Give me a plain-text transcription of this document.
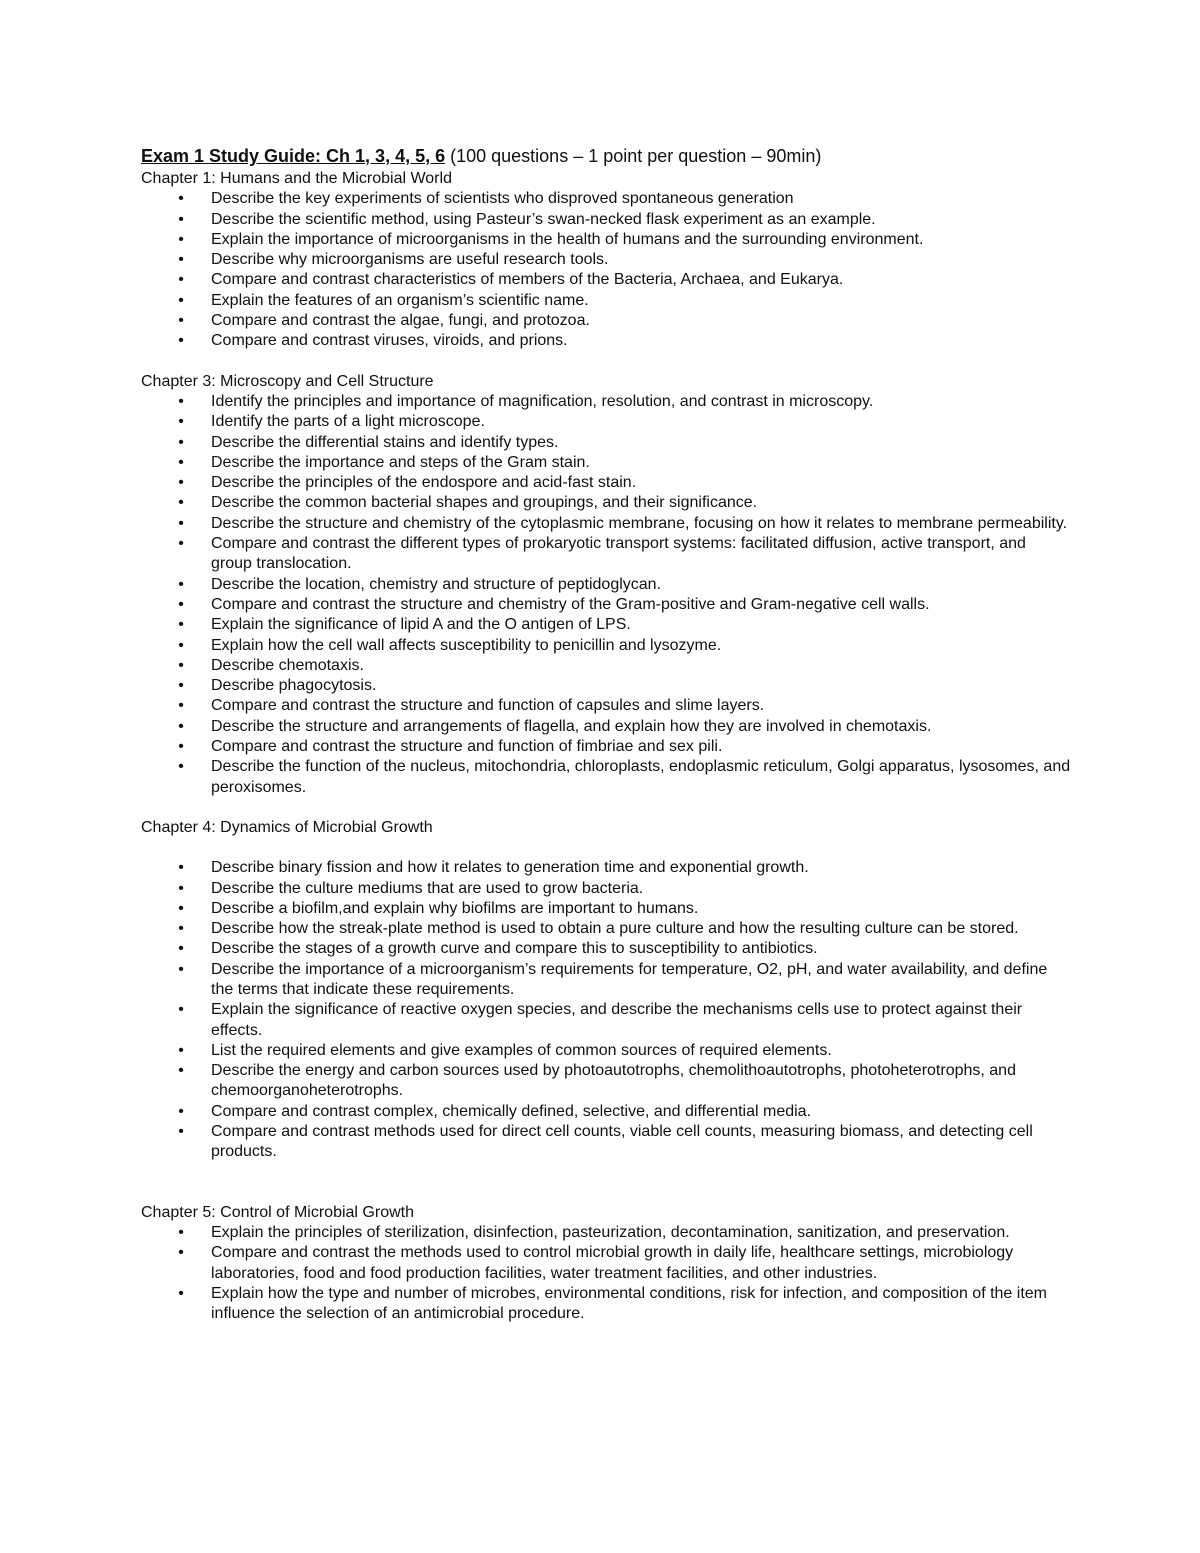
Exam 1 Study Guide: Ch 1, 3, 4, 5, 6 (100 questions – 1 point per question – 90min)
Chapter 1: Humans and the Microbial World
• Describe the key experiments of scientists who disproved spontaneous generation
• Describe the scientific method, using Pasteur’s swan-necked flask experiment as an example.
• Explain the importance of microorganisms in the health of humans and the surrounding environment.
• Describe why microorganisms are useful research tools.
• Compare and contrast characteristics of members of the Bacteria, Archaea, and Eukarya.
• Explain the features of an organism’s scientific name.
• Compare and contrast the algae, fungi, and protozoa.
• Compare and contrast viruses, viroids, and prions.
Chapter 3: Microscopy and Cell Structure
• Identify the principles and importance of magnification, resolution, and contrast in microscopy.
• Identify the parts of a light microscope.
• Describe the differential stains and identify types.
• Describe the importance and steps of the Gram stain.
• Describe the principles of the endospore and acid-fast stain.
• Describe the common bacterial shapes and groupings, and their significance.
• Describe the structure and chemistry of the cytoplasmic membrane, focusing on how it relates to membrane permeability.
• Compare and contrast the different types of prokaryotic transport systems: facilitated diffusion, active transport, and group translocation.
• Describe the location, chemistry and structure of peptidoglycan.
• Compare and contrast the structure and chemistry of the Gram-positive and Gram-negative cell walls.
• Explain the significance of lipid A and the O antigen of LPS.
• Explain how the cell wall affects susceptibility to penicillin and lysozyme.
• Describe chemotaxis.
• Describe phagocytosis.
• Compare and contrast the structure and function of capsules and slime layers.
• Describe the structure and arrangements of flagella, and explain how they are involved in chemotaxis.
• Compare and contrast the structure and function of fimbriae and sex pili.
• Describe the function of the nucleus, mitochondria, chloroplasts, endoplasmic reticulum, Golgi apparatus, lysosomes, and peroxisomes.
Chapter 4: Dynamics of Microbial Growth
• Describe binary fission and how it relates to generation time and exponential growth.
• Describe the culture mediums that are used to grow bacteria.
• Describe a biofilm,and explain why biofilms are important to humans.
• Describe how the streak-plate method is used to obtain a pure culture and how the resulting culture can be stored.
• Describe the stages of a growth curve and compare this to susceptibility to antibiotics.
• Describe the importance of a microorganism’s requirements for temperature, O2, pH, and water availability, and define the terms that indicate these requirements.
• Explain the significance of reactive oxygen species, and describe the mechanisms cells use to protect against their effects.
• List the required elements and give examples of common sources of required elements.
• Describe the energy and carbon sources used by photoautotrophs, chemolithoautotrophs, photoheterotrophs, and chemoorganoheterotrophs.
• Compare and contrast complex, chemically defined, selective, and differential media.
• Compare and contrast methods used for direct cell counts, viable cell counts, measuring biomass, and detecting cell products.
Chapter 5: Control of Microbial Growth
• Explain the principles of sterilization, disinfection, pasteurization, decontamination, sanitization, and preservation.
• Compare and contrast the methods used to control microbial growth in daily life, healthcare settings, microbiology laboratories, food and food production facilities, water treatment facilities, and other industries.
• Explain how the type and number of microbes, environmental conditions, risk for infection, and composition of the item influence the selection of an antimicrobial procedure.
